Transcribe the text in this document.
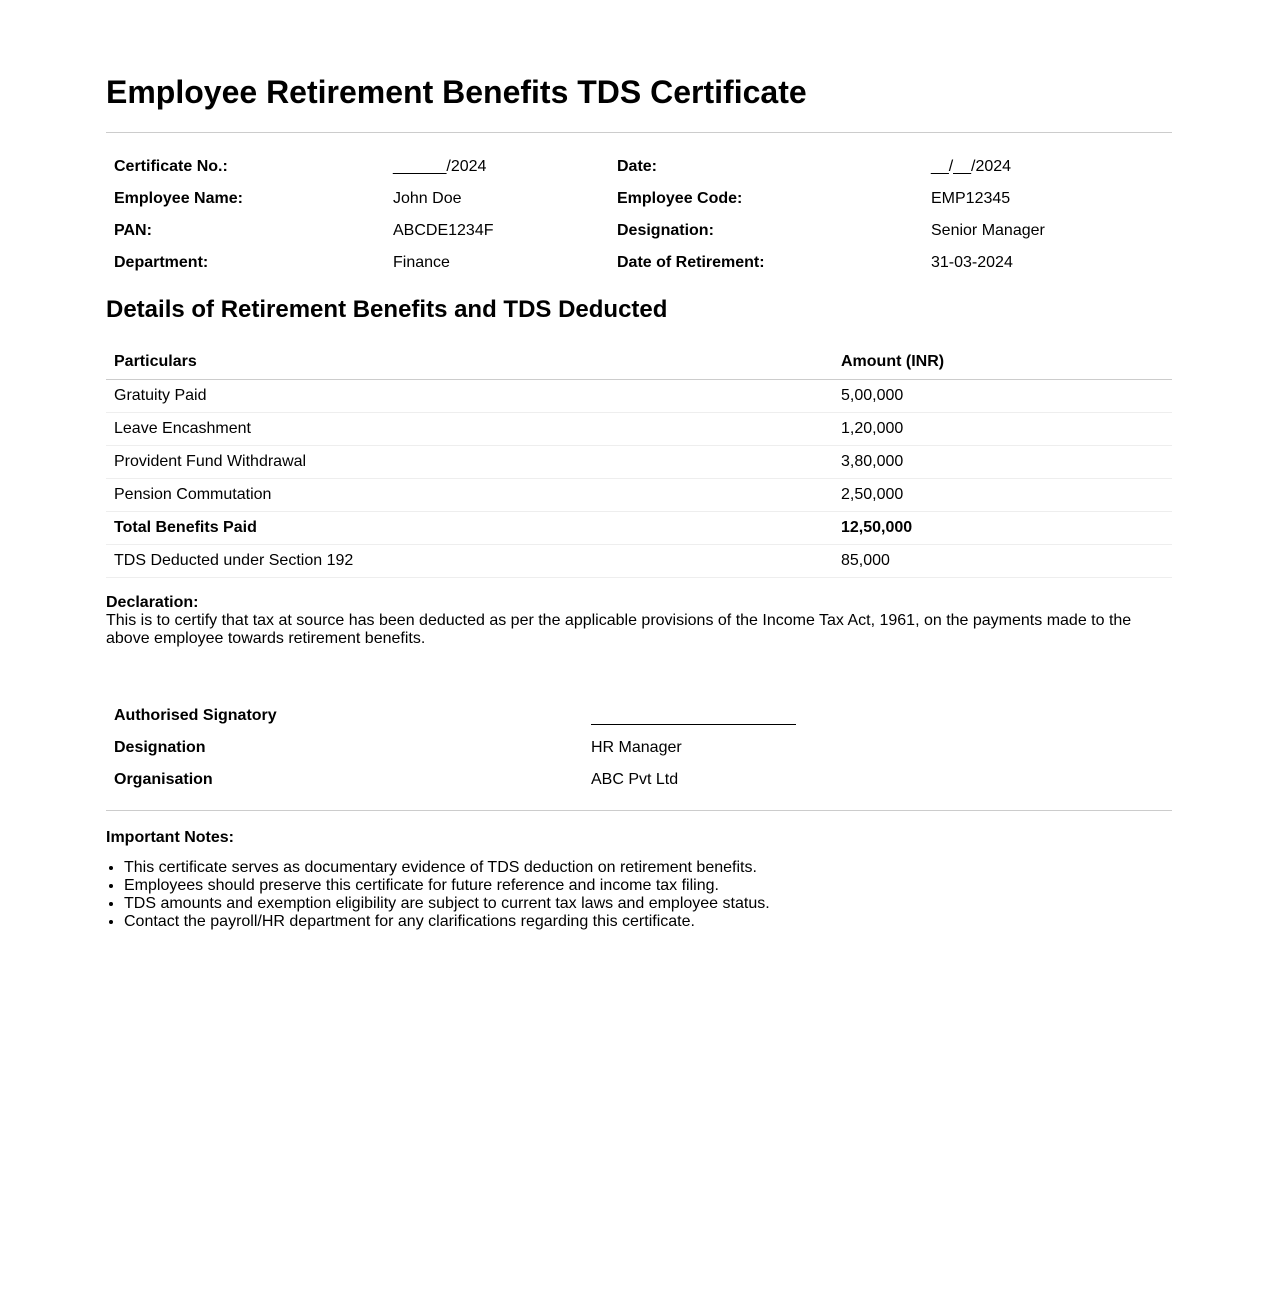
Employee Retirement Benefits TDS Certificate
Certificate No.:	______/2024	Date:	__/__/2024
Employee Name:	John Doe	Employee Code:	EMP12345
PAN:	ABCDE1234F	Designation:	Senior Manager
Department:	Finance	Date of Retirement:	31-03-2024
Details of Retirement Benefits and TDS Deducted
Particulars	Amount (INR)
Gratuity Paid	5,00,000
Leave Encashment	1,20,000
Provident Fund Withdrawal	3,80,000
Pension Commutation	2,50,000
Total Benefits Paid	12,50,000
TDS Deducted under Section 192	85,000
Declaration:
This is to certify that tax at source has been deducted as per the applicable provisions of the Income Tax Act, 1961, on the payments made to the above employee towards retirement benefits.
Authorised Signatory	
Designation	HR Manager
Organisation	ABC Pvt Ltd
Important Notes:
• This certificate serves as documentary evidence of TDS deduction on retirement benefits.
• Employees should preserve this certificate for future reference and income tax filing.
• TDS amounts and exemption eligibility are subject to current tax laws and employee status.
• Contact the payroll/HR department for any clarifications regarding this certificate.
